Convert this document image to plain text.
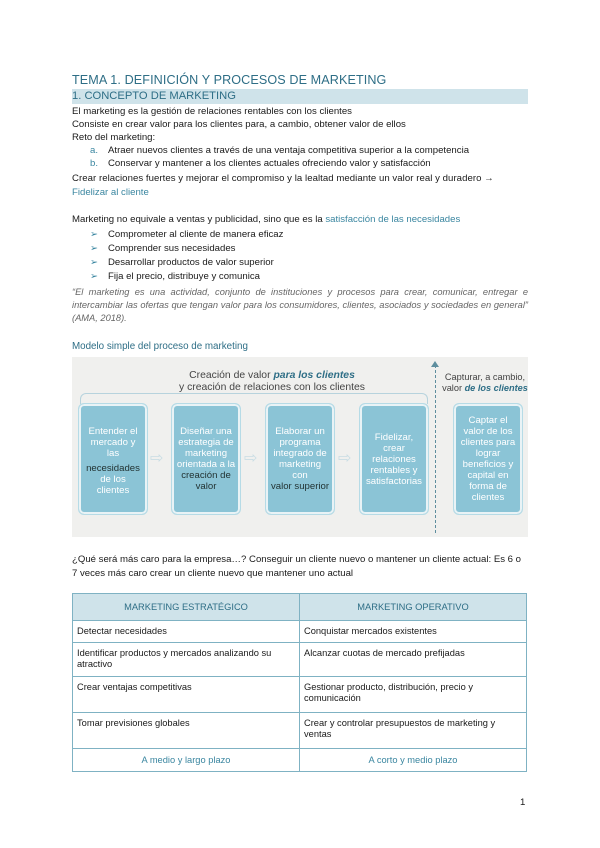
TEMA 1. DEFINICIÓN Y PROCESOS DE MARKETING
1. CONCEPTO DE MARKETING
El marketing es la gestión de relaciones rentables con los clientes
Consiste en crear valor para los clientes para, a cambio, obtener valor de ellos
Reto del marketing:
a. Atraer nuevos clientes a través de una ventaja competitiva superior a la competencia
b. Conservar y mantener a los clientes actuales ofreciendo valor y satisfacción
Crear relaciones fuertes y mejorar el compromiso y la lealtad mediante un valor real y duradero →
Fidelizar al cliente
Marketing no equivale a ventas y publicidad, sino que es la satisfacción de las necesidades
➢ Comprometer al cliente de manera eficaz
➢ Comprender sus necesidades
➢ Desarrollar productos de valor superior
➢ Fija el precio, distribuye y comunica
“El marketing es una actividad, conjunto de instituciones y procesos para crear, comunicar, entregar e intercambiar las ofertas que tengan valor para los consumidores, clientes, asociados y sociedades en general” (AMA, 2018).
Modelo simple del proceso de marketing
¿Qué será más caro para la empresa…? Conseguir un cliente nuevo o mantener un cliente actual: Es 6 o 7 veces más caro crear un cliente nuevo que mantener uno actual
Creación de valor para los clientes
y creación de relaciones con los clientes
Capturar, a cambio,
valor de los clientes
Entender el mercado y las
necesidades
de los clientes
⇨
Diseñar una estrategia de marketing orientada a la
creación de valor
⇨
Elaborar un programa integrado de marketing con
valor superior
⇨
Fidelizar, crear relaciones rentables y satisfactorias
Captar el valor de los clientes para lograr beneficios y capital en forma de clientes
MARKETING ESTRATÉGICO	MARKETING OPERATIVO
Detectar necesidades	Conquistar mercados existentes
Identificar productos y mercados analizando su atractivo	Alcanzar cuotas de mercado prefijadas
Crear ventajas competitivas	Gestionar producto, distribución, precio y comunicación
Tomar previsiones globales	Crear y controlar presupuestos de marketing y ventas
A medio y largo plazo	A corto y medio plazo
1
